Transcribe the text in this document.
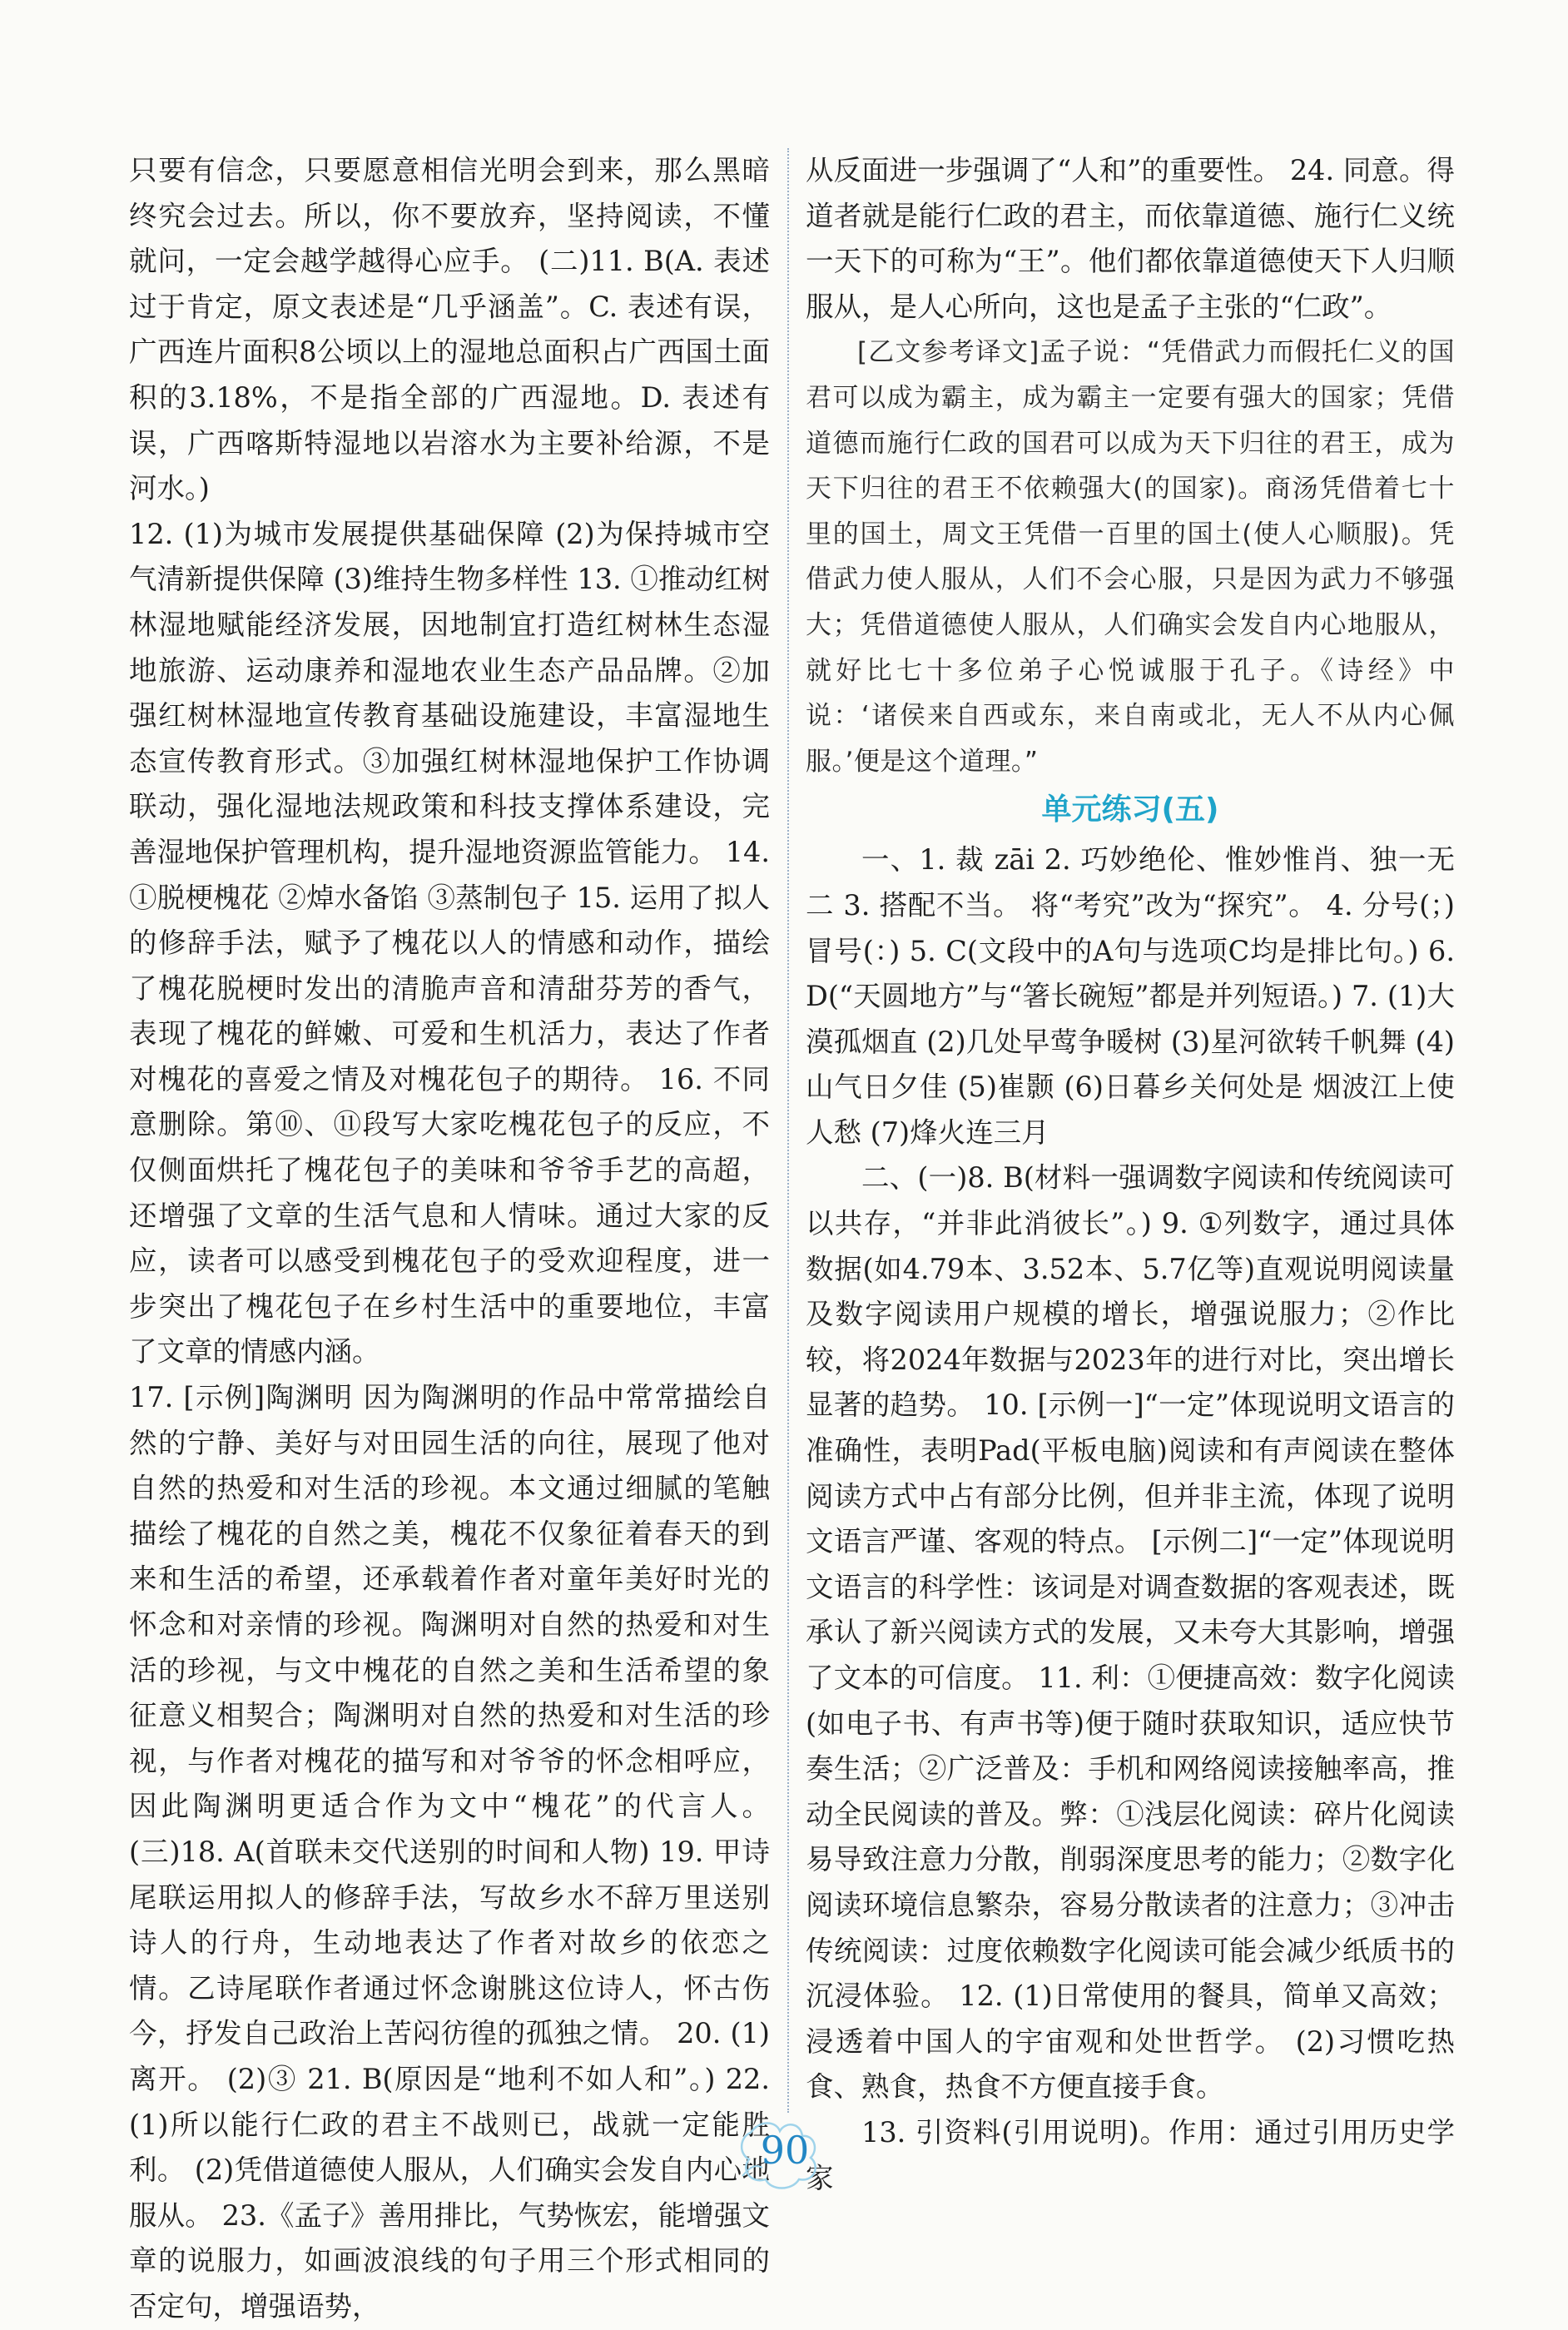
只要有信念，只要愿意相信光明会到来，那么黑暗终究会过去。所以，你不要放弃，坚持阅读，不懂就问，一定会越学越得心应手。 (二)11. B(A. 表述过于肯定，原文表述是“几乎涵盖”。C. 表述有误，广西连片面积8公顷以上的湿地总面积占广西国土面积的3.18%，不是指全部的广西湿地。D. 表述有误，广西喀斯特湿地以岩溶水为主要补给源，不是河水。)

12. (1)为城市发展提供基础保障 (2)为保持城市空气清新提供保障 (3)维持生物多样性 13. ①推动红树林湿地赋能经济发展，因地制宜打造红树林生态湿地旅游、运动康养和湿地农业生态产品品牌。②加强红树林湿地宣传教育基础设施建设，丰富湿地生态宣传教育形式。③加强红树林湿地保护工作协调联动，强化湿地法规政策和科技支撑体系建设，完善湿地保护管理机构，提升湿地资源监管能力。 14. ①脱梗槐花 ②焯水备馅 ③蒸制包子 15. 运用了拟人的修辞手法，赋予了槐花以人的情感和动作，描绘了槐花脱梗时发出的清脆声音和清甜芬芳的香气，表现了槐花的鲜嫩、可爱和生机活力，表达了作者对槐花的喜爱之情及对槐花包子的期待。 16. 不同意删除。第⑩、⑪段写大家吃槐花包子的反应，不仅侧面烘托了槐花包子的美味和爷爷手艺的高超，还增强了文章的生活气息和人情味。通过大家的反应，读者可以感受到槐花包子的受欢迎程度，进一步突出了槐花包子在乡村生活中的重要地位，丰富了文章的情感内涵。

17. [示例]陶渊明 因为陶渊明的作品中常常描绘自然的宁静、美好与对田园生活的向往，展现了他对自然的热爱和对生活的珍视。本文通过细腻的笔触描绘了槐花的自然之美，槐花不仅象征着春天的到来和生活的希望，还承载着作者对童年美好时光的怀念和对亲情的珍视。陶渊明对自然的热爱和对生活的珍视，与文中槐花的自然之美和生活希望的象征意义相契合；陶渊明对自然的热爱和对生活的珍视，与作者对槐花的描写和对爷爷的怀念相呼应，因此陶渊明更适合作为文中“槐花”的代言人。 (三)18. A(首联未交代送别的时间和人物) 19. 甲诗尾联运用拟人的修辞手法，写故乡水不辞万里送别诗人的行舟，生动地表达了作者对故乡的依恋之情。乙诗尾联作者通过怀念谢朓这位诗人，怀古伤今，抒发自己政治上苦闷彷徨的孤独之情。 20. (1)离开。 (2)③ 21. B(原因是“地利不如人和”。) 22. (1)所以能行仁政的君主不战则已，战就一定能胜利。 (2)凭借道德使人服从，人们确实会发自内心地服从。 23.《孟子》善用排比，气势恢宏，能增强文章的说服力，如画波浪线的句子用三个形式相同的否定句，增强语势，

从反面进一步强调了“人和”的重要性。 24. 同意。得道者就是能行仁政的君主，而依靠道德、施行仁义统一天下的可称为“王”。他们都依靠道德使天下人归顺服从，是人心所向，这也是孟子主张的“仁政”。

[乙文参考译文]孟子说：“凭借武力而假托仁义的国君可以成为霸主，成为霸主一定要有强大的国家；凭借道德而施行仁政的国君可以成为天下归往的君王，成为天下归往的君王不依赖强大(的国家)。商汤凭借着七十里的国土，周文王凭借一百里的国土(使人心顺服)。凭借武力使人服从，人们不会心服，只是因为武力不够强大；凭借道德使人服从，人们确实会发自内心地服从，就好比七十多位弟子心悦诚服于孔子。《诗经》中说：‘诸侯来自西或东，来自南或北，无人不从内心佩服。’便是这个道理。”

单元练习(五)

一、1. 裁 zāi 2. 巧妙绝伦、惟妙惟肖、独一无二 3. 搭配不当。 将“考究”改为“探究”。 4. 分号(；) 冒号(：) 5. C(文段中的A句与选项C均是排比句。) 6. D(“天圆地方”与“箸长碗短”都是并列短语。) 7. (1)大漠孤烟直 (2)几处早莺争暖树 (3)星河欲转千帆舞 (4)山气日夕佳 (5)崔颢 (6)日暮乡关何处是 烟波江上使人愁 (7)烽火连三月

二、(一)8. B(材料一强调数字阅读和传统阅读可以共存，“并非此消彼长”。) 9. ①列数字，通过具体数据(如4.79本、3.52本、5.7亿等)直观说明阅读量及数字阅读用户规模的增长，增强说服力；②作比较，将2024年数据与2023年的进行对比，突出增长显著的趋势。 10. [示例一]“一定”体现说明文语言的准确性，表明Pad(平板电脑)阅读和有声阅读在整体阅读方式中占有部分比例，但并非主流，体现了说明文语言严谨、客观的特点。 [示例二]“一定”体现说明文语言的科学性：该词是对调查数据的客观表述，既承认了新兴阅读方式的发展，又未夸大其影响，增强了文本的可信度。 11. 利：①便捷高效：数字化阅读(如电子书、有声书等)便于随时获取知识，适应快节奏生活；②广泛普及：手机和网络阅读接触率高，推动全民阅读的普及。弊：①浅层化阅读：碎片化阅读易导致注意力分散，削弱深度思考的能力；②数字化阅读环境信息繁杂，容易分散读者的注意力；③冲击传统阅读：过度依赖数字化阅读可能会减少纸质书的沉浸体验。 12. (1)日常使用的餐具，简单又高效；浸透着中国人的宇宙观和处世哲学。 (2)习惯吃热食、熟食，热食不方便直接手食。

13. 引资料(引用说明)。作用：通过引用历史学家

90
